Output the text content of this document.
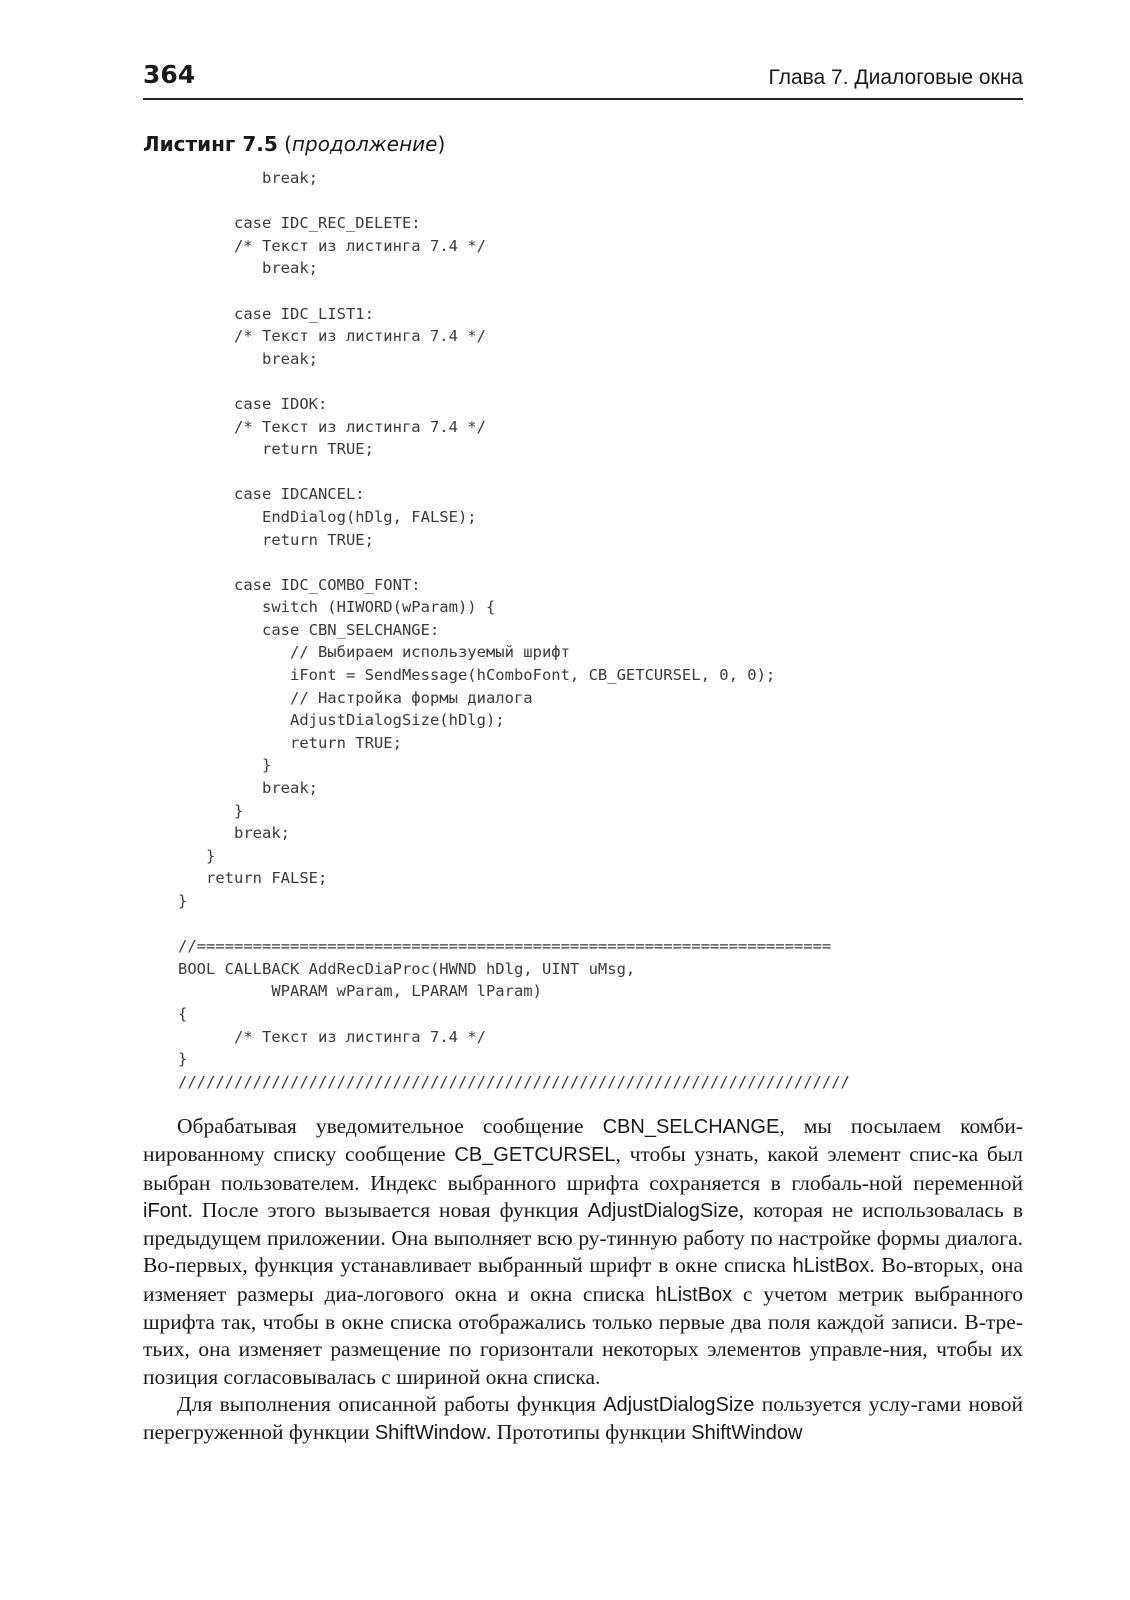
364	Глава 7. Диалоговые окна
Листинг 7.5 (продолжение)
break;

case IDC_REC_DELETE:
/* Текст из листинга 7.4 */
break;

case IDC_LIST1:
/* Текст из листинга 7.4 */
break;

case IDOK:
/* Текст из листинга 7.4 */
return TRUE;

case IDCANCEL:
EndDialog(hDlg, FALSE);
return TRUE;

case IDC_COMBO_FONT:
switch (HIWORD(wParam)) {
case CBN_SELCHANGE:
// Выбираем используемый шрифт
iFont = SendMessage(hComboFont, CB_GETCURSEL, 0, 0);
// Настройка формы диалога
AdjustDialogSize(hDlg);
return TRUE;
}
break;
}
break;
}
return FALSE;
}

//====================================================================
BOOL CALLBACK AddRecDiaProc(HWND hDlg, UINT uMsg,
WPARAM wParam, LPARAM lParam)
{
/* Текст из листинга 7.4 */
}
////////////////////////////////////////////////////////////////////////

Обрабатывая уведомительное сообщение CBN_SELCHANGE, мы посылаем комби-нированному списку сообщение CB_GETCURSEL, чтобы узнать, какой элемент спис-ка был выбран пользователем. Индекс выбранного шрифта сохраняется в глобаль-ной переменной iFont. После этого вызывается новая функция AdjustDialogSize, которая не использовалась в предыдущем приложении. Она выполняет всю ру-тинную работу по настройке формы диалога. Во-первых, функция устанавливает выбранный шрифт в окне списка hListBox. Во-вторых, она изменяет размеры диа-логового окна и окна списка hListBox с учетом метрик выбранного шрифта так, чтобы в окне списка отображались только первые два поля каждой записи. В-тре-тьих, она изменяет размещение по горизонтали некоторых элементов управле-ния, чтобы их позиция согласовывалась с шириной окна списка.

Для выполнения описанной работы функция AdjustDialogSize пользуется услу-гами новой перегруженной функции ShiftWindow. Прототипы функции ShiftWindow
